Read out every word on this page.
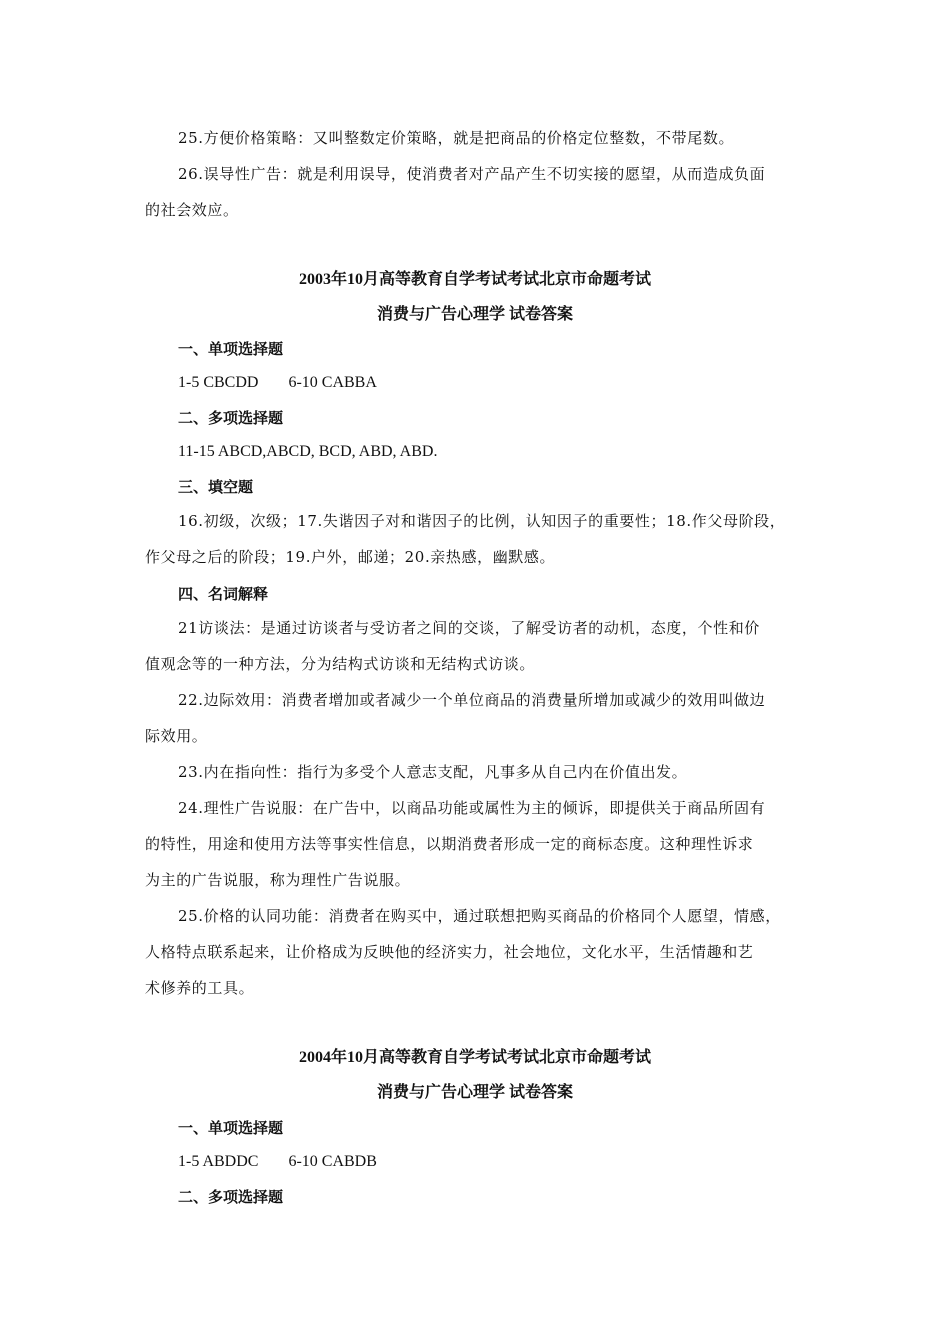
25.方便价格策略：又叫整数定价策略，就是把商品的价格定位整数，不带尾数。
26.误导性广告：就是利用误导，使消费者对产品产生不切实接的愿望，从而造成负面
的社会效应。
2003年10月高等教育自学考试考试北京市命题考试
消费与广告心理学 试卷答案
一、单项选择题
1-5 CBCDD 6-10 CABBA
二、多项选择题
11-15 ABCD,ABCD, BCD, ABD, ABD.
三、填空题
16.初级，次级；17.失谐因子对和谐因子的比例，认知因子的重要性；18.作父母阶段，
作父母之后的阶段；19.户外，邮递；20.亲热感，幽默感。
四、名词解释
21访谈法：是通过访谈者与受访者之间的交谈，了解受访者的动机，态度，个性和价
值观念等的一种方法，分为结构式访谈和无结构式访谈。
22.边际效用：消费者增加或者减少一个单位商品的消费量所增加或减少的效用叫做边
际效用。
23.内在指向性：指行为多受个人意志支配，凡事多从自己内在价值出发。
24.理性广告说服：在广告中，以商品功能或属性为主的倾诉，即提供关于商品所固有
的特性，用途和使用方法等事实性信息，以期消费者形成一定的商标态度。这种理性诉求
为主的广告说服，称为理性广告说服。
25.价格的认同功能：消费者在购买中，通过联想把购买商品的价格同个人愿望，情感，
人格特点联系起来，让价格成为反映他的经济实力，社会地位，文化水平，生活情趣和艺
术修养的工具。
2004年10月高等教育自学考试考试北京市命题考试
消费与广告心理学 试卷答案
一、单项选择题
1-5 ABDDC 6-10 CABDB
二、多项选择题
